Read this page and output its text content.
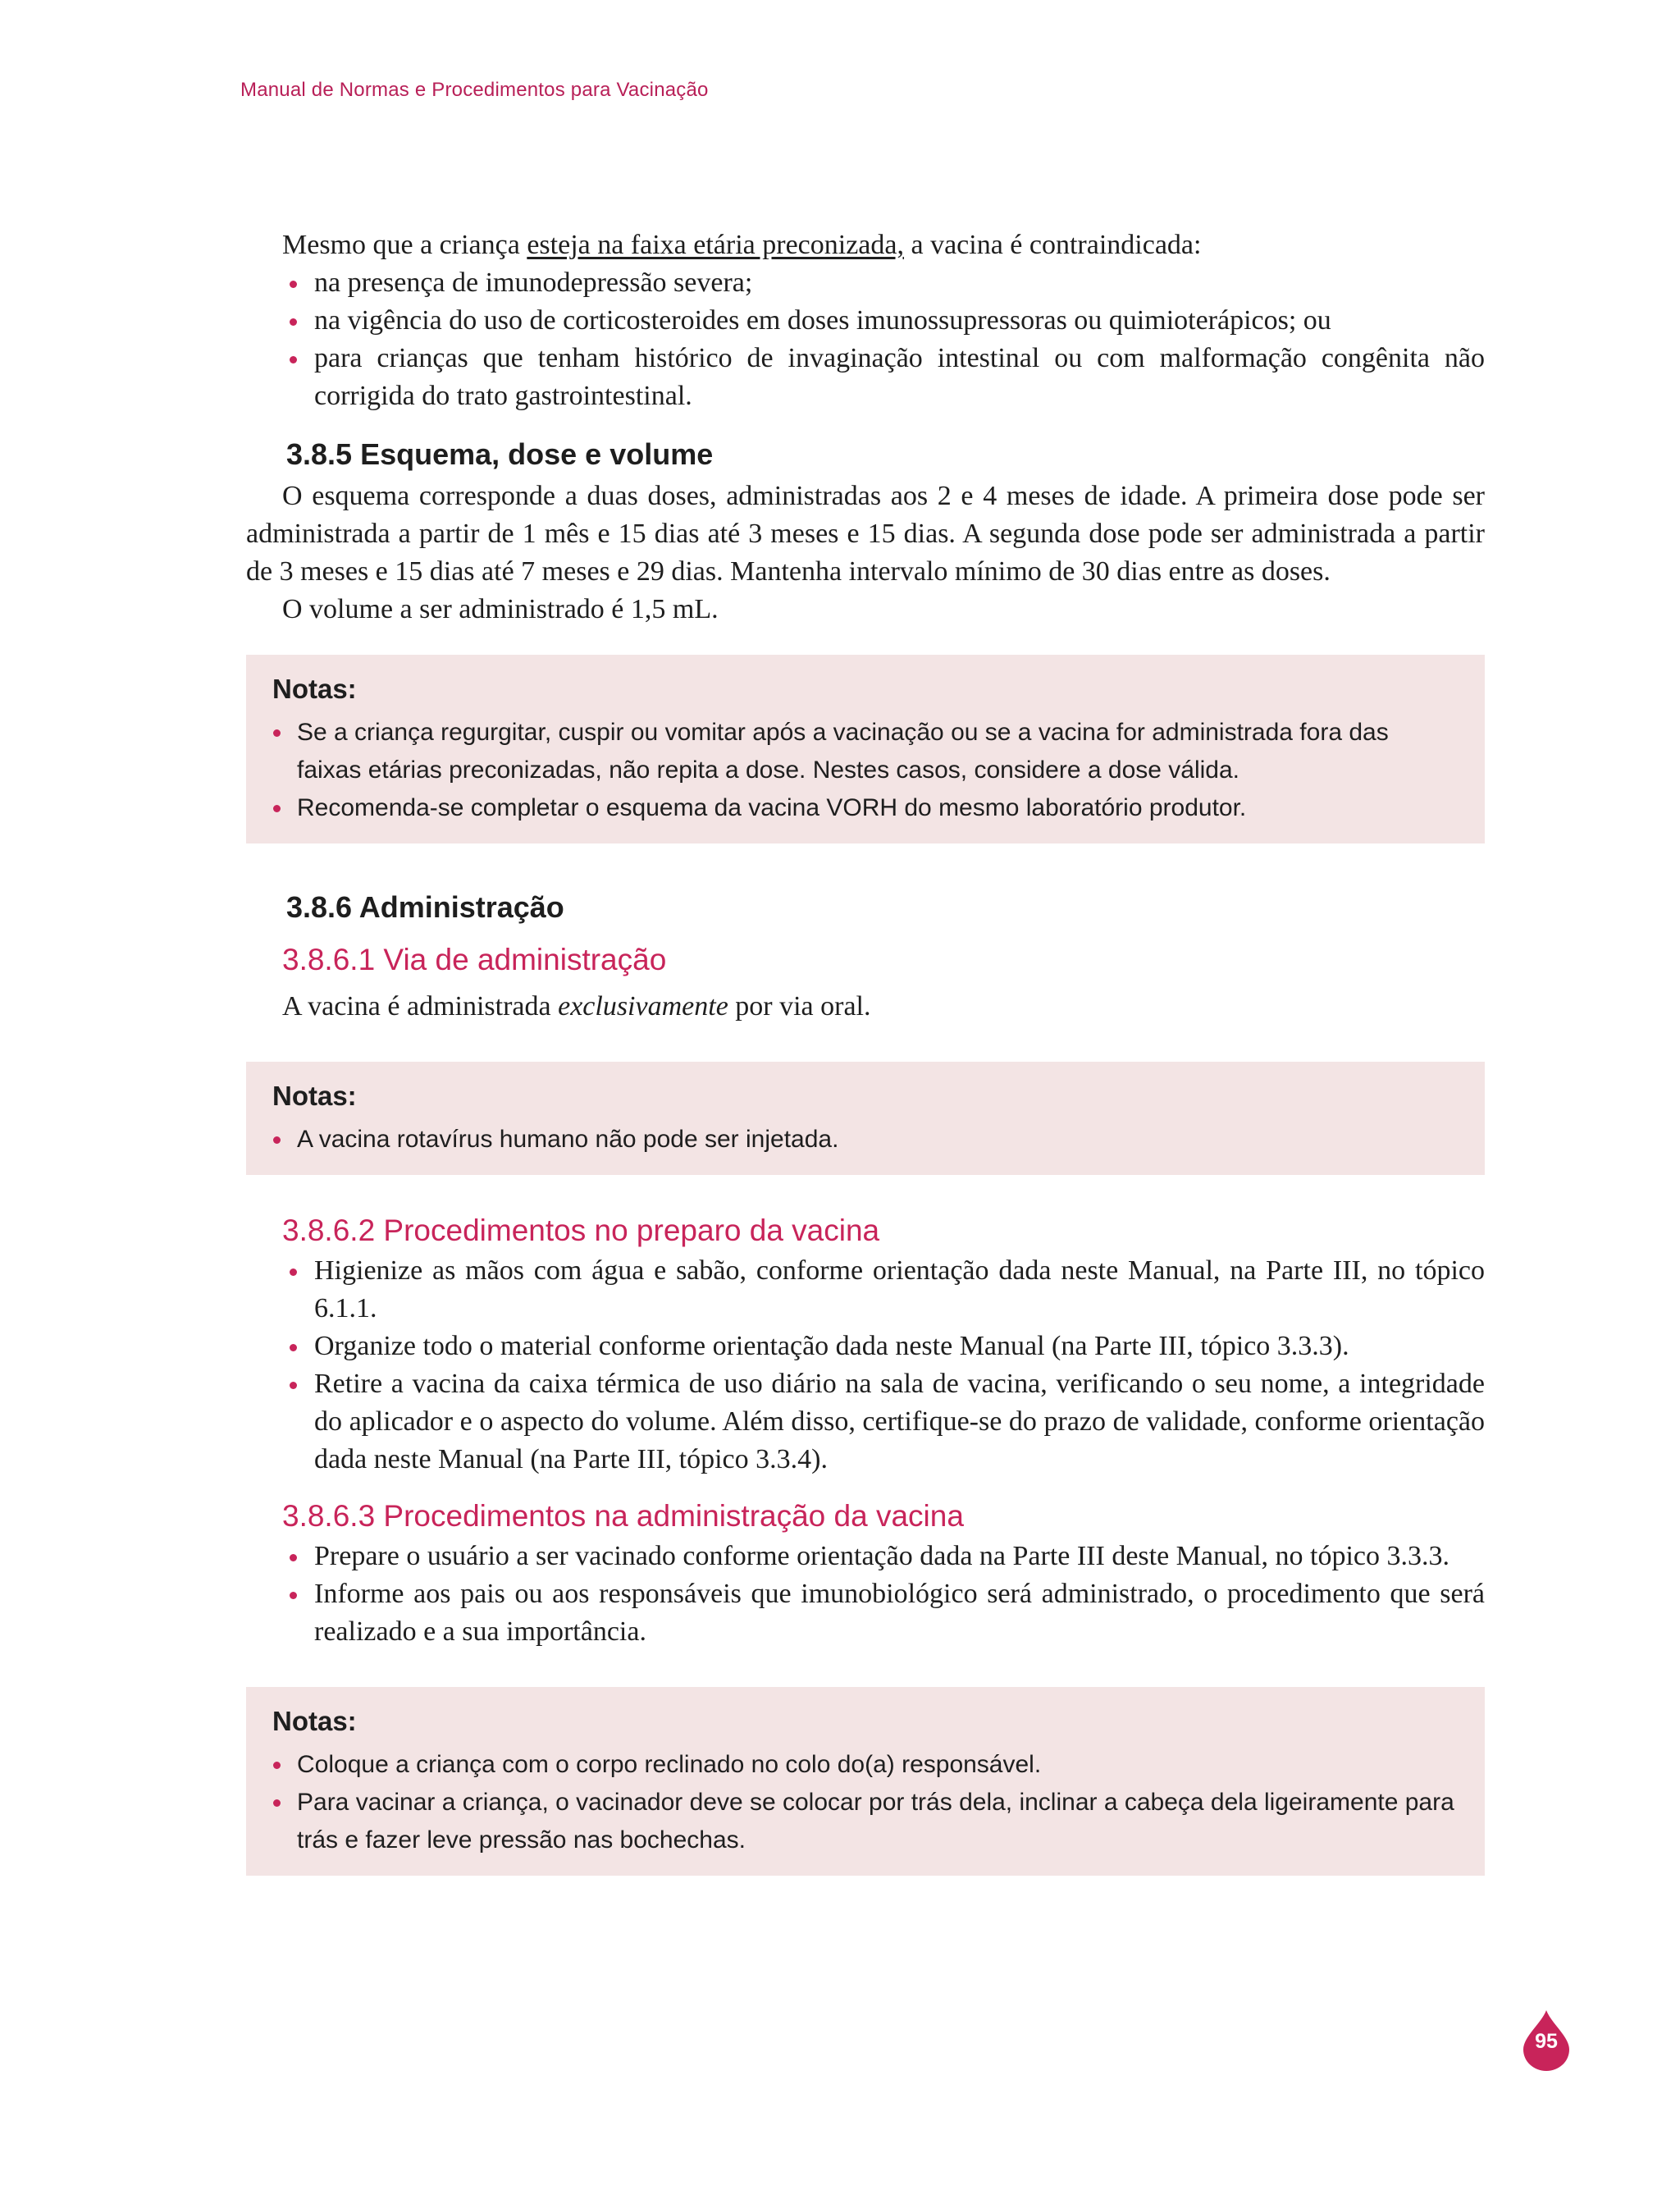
Manual de Normas e Procedimentos para Vacinação

Mesmo que a criança esteja na faixa etária preconizada, a vacina é contraindicada:

na presença de imunodepressão severa;
na vigência do uso de corticosteroides em doses imunossupressoras ou quimioterápicos; ou
para crianças que tenham histórico de invaginação intestinal ou com malformação congênita não corrigida do trato gastrointestinal.
3.8.5 Esquema, dose e volume

O esquema corresponde a duas doses, administradas aos 2 e 4 meses de idade. A primeira dose pode ser administrada a partir de 1 mês e 15 dias até 3 meses e 15 dias. A segunda dose pode ser administrada a partir de 3 meses e 15 dias até 7 meses e 29 dias. Mantenha intervalo mínimo de 30 dias entre as doses.

O volume a ser administrado é 1,5 mL.

Notas:
Se a criança regurgitar, cuspir ou vomitar após a vacinação ou se a vacina for administrada fora das faixas etárias preconizadas, não repita a dose. Nestes casos, considere a dose válida.
Recomenda-se completar o esquema da vacina VORH do mesmo laboratório produtor.
3.8.6 Administração
3.8.6.1 Via de administração

A vacina é administrada exclusivamente por via oral.

Notas:
A vacina rotavírus humano não pode ser injetada.
3.8.6.2 Procedimentos no preparo da vacina
Higienize as mãos com água e sabão, conforme orientação dada neste Manual, na Parte III, no tópico 6.1.1.
Organize todo o material conforme orientação dada neste Manual (na Parte III, tópico 3.3.3).
Retire a vacina da caixa térmica de uso diário na sala de vacina, verificando o seu nome, a integridade do aplicador e o aspecto do volume. Além disso, certifique-se do prazo de validade, conforme orientação dada neste Manual (na Parte III, tópico 3.3.4).
3.8.6.3 Procedimentos na administração da vacina
Prepare o usuário a ser vacinado conforme orientação dada na Parte III deste Manual, no tópico 3.3.3.
Informe aos pais ou aos responsáveis que imunobiológico será administrado, o procedimento que será realizado e a sua importância.
Notas:
Coloque a criança com o corpo reclinado no colo do(a) responsável.
Para vacinar a criança, o vacinador deve se colocar por trás dela, inclinar a cabeça dela ligeiramente para trás e fazer leve pressão nas bochechas.
95
